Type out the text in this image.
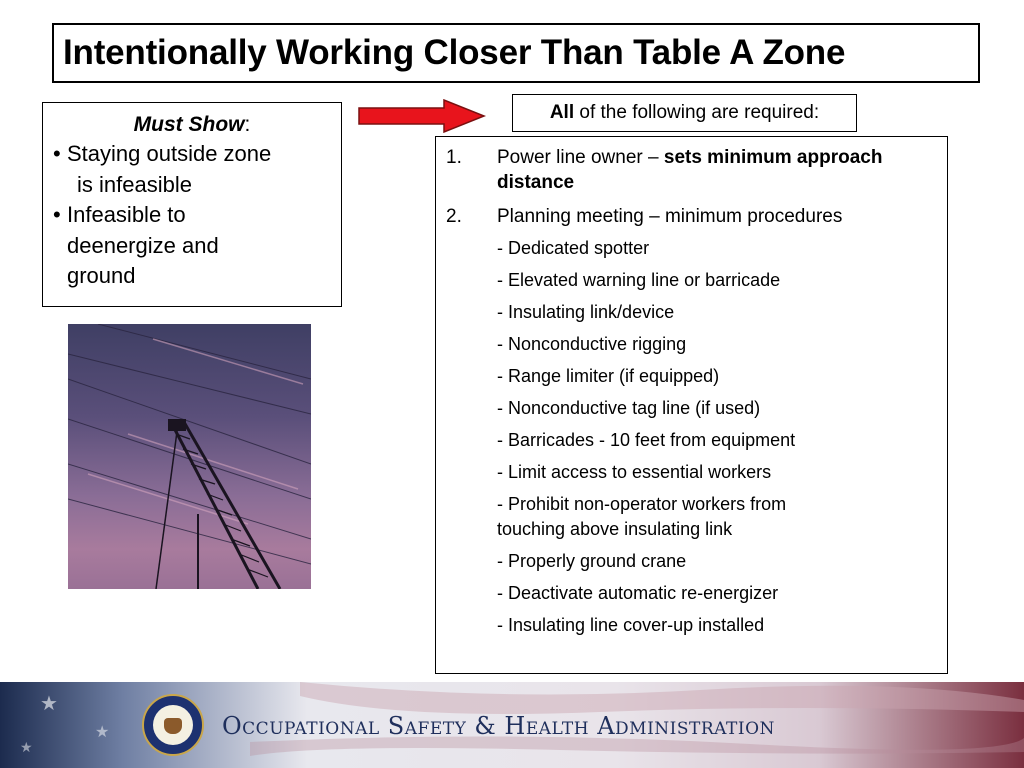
Intentionally Working Closer Than Table A Zone
Must Show:
• Staying outside zone
is infeasible
• Infeasible to
deenergize and
ground
All
of the following are required:
1.	Power line owner – sets minimum approach distance
2.	Planning meeting – minimum procedures
- Dedicated spotter
- Elevated warning line or barricade
- Insulating link/device
- Nonconductive rigging
- Range limiter (if equipped)
- Nonconductive tag line (if used)
- Barricades - 10 feet from equipment
- Limit access to essential workers
- Prohibit non-operator workers from touching above insulating link
- Properly ground crane
- Deactivate automatic re-energizer
- Insulating line cover-up installed
★
★
★
Occupational Safety & Health Administration
